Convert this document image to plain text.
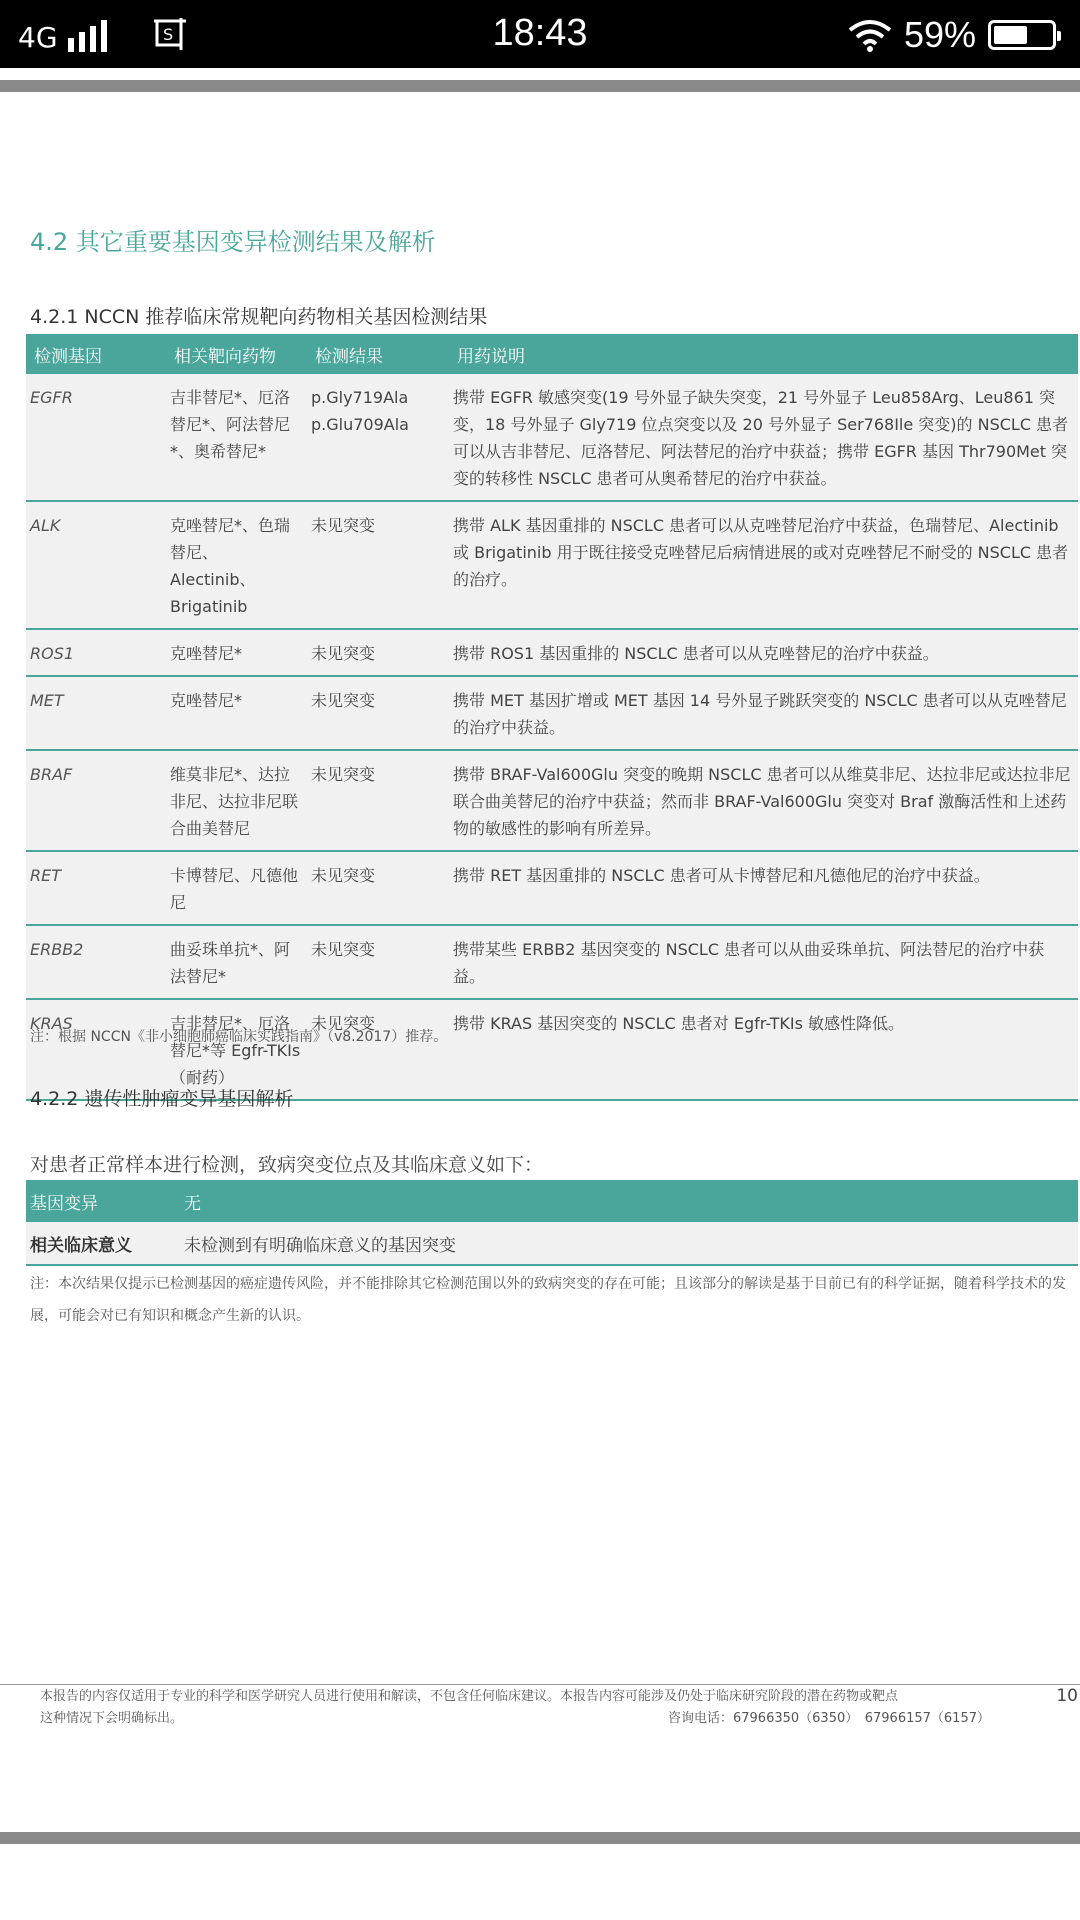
4G	S	18:43	59%
4.2 其它重要基因变异检测结果及解析
4.2.1 NCCN 推荐临床常规靶向药物相关基因检测结果
检测基因	相关靶向药物	检测结果	用药说明
EGFR	吉非替尼*、厄洛替尼*、阿法替尼*、奥希替尼*	p.Gly719Ala p.Glu709Ala	携带 EGFR 敏感突变(19 号外显子缺失突变，21 号外显子 Leu858Arg、Leu861 突变，18 号外显子 Gly719 位点突变以及 20 号外显子 Ser768Ile 突变)的 NSCLC 患者可以从吉非替尼、厄洛替尼、阿法替尼的治疗中获益；携带 EGFR 基因 Thr790Met 突变的转移性 NSCLC 患者可从奥希替尼的治疗中获益。
ALK	克唑替尼*、色瑞替尼、Alectinib、Brigatinib	未见突变	携带 ALK 基因重排的 NSCLC 患者可以从克唑替尼治疗中获益，色瑞替尼、Alectinib 或 Brigatinib 用于既往接受克唑替尼后病情进展的或对克唑替尼不耐受的 NSCLC 患者的治疗。
ROS1	克唑替尼*	未见突变	携带 ROS1 基因重排的 NSCLC 患者可以从克唑替尼的治疗中获益。
MET	克唑替尼*	未见突变	携带 MET 基因扩增或 MET 基因 14 号外显子跳跃突变的 NSCLC 患者可以从克唑替尼的治疗中获益。
BRAF	维莫非尼*、达拉非尼、达拉非尼联合曲美替尼	未见突变	携带 BRAF-Val600Glu 突变的晚期 NSCLC 患者可以从维莫非尼、达拉非尼或达拉非尼联合曲美替尼的治疗中获益；然而非 BRAF-Val600Glu 突变对 Braf 激酶活性和上述药物的敏感性的影响有所差异。
RET	卡博替尼、凡德他尼	未见突变	携带 RET 基因重排的 NSCLC 患者可从卡博替尼和凡德他尼的治疗中获益。
ERBB2	曲妥珠单抗*、阿法替尼*	未见突变	携带某些 ERBB2 基因突变的 NSCLC 患者可以从曲妥珠单抗、阿法替尼的治疗中获益。
KRAS	吉非替尼*、厄洛替尼*等 Egfr-TKIs（耐药）	未见突变	携带 KRAS 基因突变的 NSCLC 患者对 Egfr-TKIs 敏感性降低。
注：根据 NCCN《非小细胞肺癌临床实践指南》（v8.2017）推荐。
4.2.2 遗传性肿瘤变异基因解析
对患者正常样本进行检测，致病突变位点及其临床意义如下：
基因变异	无
相关临床意义	未检测到有明确临床意义的基因突变
注：本次结果仅提示已检测基因的癌症遗传风险，并不能排除其它检测范围以外的致病突变的存在可能；且该部分的解读是基于目前已有的科学证据，随着科学技术的发展，可能会对已有知识和概念产生新的认识。
本报告的内容仅适用于专业的科学和医学研究人员进行使用和解读，不包含任何临床建议。本报告内容可能涉及仍处于临床研究阶段的潜在药物或靶点
这种情况下会明确标出。	咨询电话：67966350（6350）　67966157（6157）
10
